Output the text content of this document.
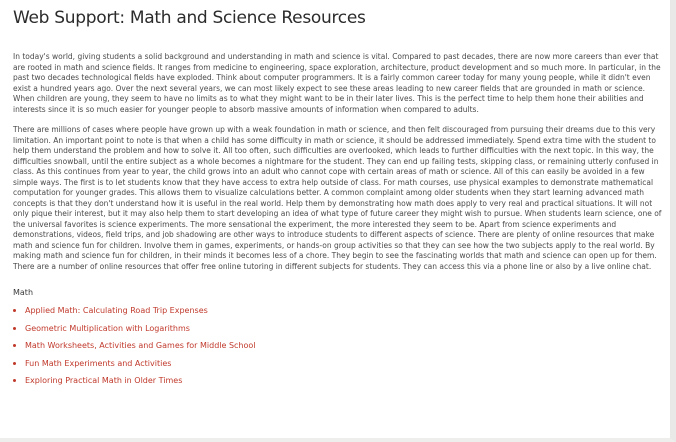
Web Support: Math and Science Resources

In today's world, giving students a solid background and understanding in math and science is vital. Compared to past decades, there are now more careers than ever that are rooted in math and science fields. It ranges from medicine to engineering, space exploration, architecture, product development and so much more. In particular, in the past two decades technological fields have exploded. Think about computer programmers. It is a fairly common career today for many young people, while it didn't even exist a hundred years ago. Over the next several years, we can most likely expect to see these areas leading to new career fields that are grounded in math or science. When children are young, they seem to have no limits as to what they might want to be in their later lives. This is the perfect time to help them hone their abilities and interests since it is so much easier for younger people to absorb massive amounts of information when compared to adults.

There are millions of cases where people have grown up with a weak foundation in math or science, and then felt discouraged from pursuing their dreams due to this very limitation. An important point to note is that when a child has some difficulty in math or science, it should be addressed immediately. Spend extra time with the student to help them understand the problem and how to solve it. All too often, such difficulties are overlooked, which leads to further difficulties with the next topic. In this way, the difficulties snowball, until the entire subject as a whole becomes a nightmare for the student. They can end up failing tests, skipping class, or remaining utterly confused in class. As this continues from year to year, the child grows into an adult who cannot cope with certain areas of math or science. All of this can easily be avoided in a few simple ways. The first is to let students know that they have access to extra help outside of class. For math courses, use physical examples to demonstrate mathematical computation for younger grades. This allows them to visualize calculations better. A common complaint among older students when they start learning advanced math concepts is that they don't understand how it is useful in the real world. Help them by demonstrating how math does apply to very real and practical situations. It will not only pique their interest, but it may also help them to start developing an idea of what type of future career they might wish to pursue. When students learn science, one of the universal favorites is science experiments. The more sensational the experiment, the more interested they seem to be. Apart from science experiments and demonstrations, videos, field trips, and job shadowing are other ways to introduce students to different aspects of science. There are plenty of online resources that make math and science fun for children. Involve them in games, experiments, or hands-on group activities so that they can see how the two subjects apply to the real world. By making math and science fun for children, in their minds it becomes less of a chore. They begin to see the fascinating worlds that math and science can open up for them. There are a number of online resources that offer free online tutoring in different subjects for students. They can access this via a phone line or also by a live online chat.

Math
Applied Math: Calculating Road Trip Expenses
Geometric Multiplication with Logarithms
Math Worksheets, Activities and Games for Middle School
Fun Math Experiments and Activities
Exploring Practical Math in Older Times
